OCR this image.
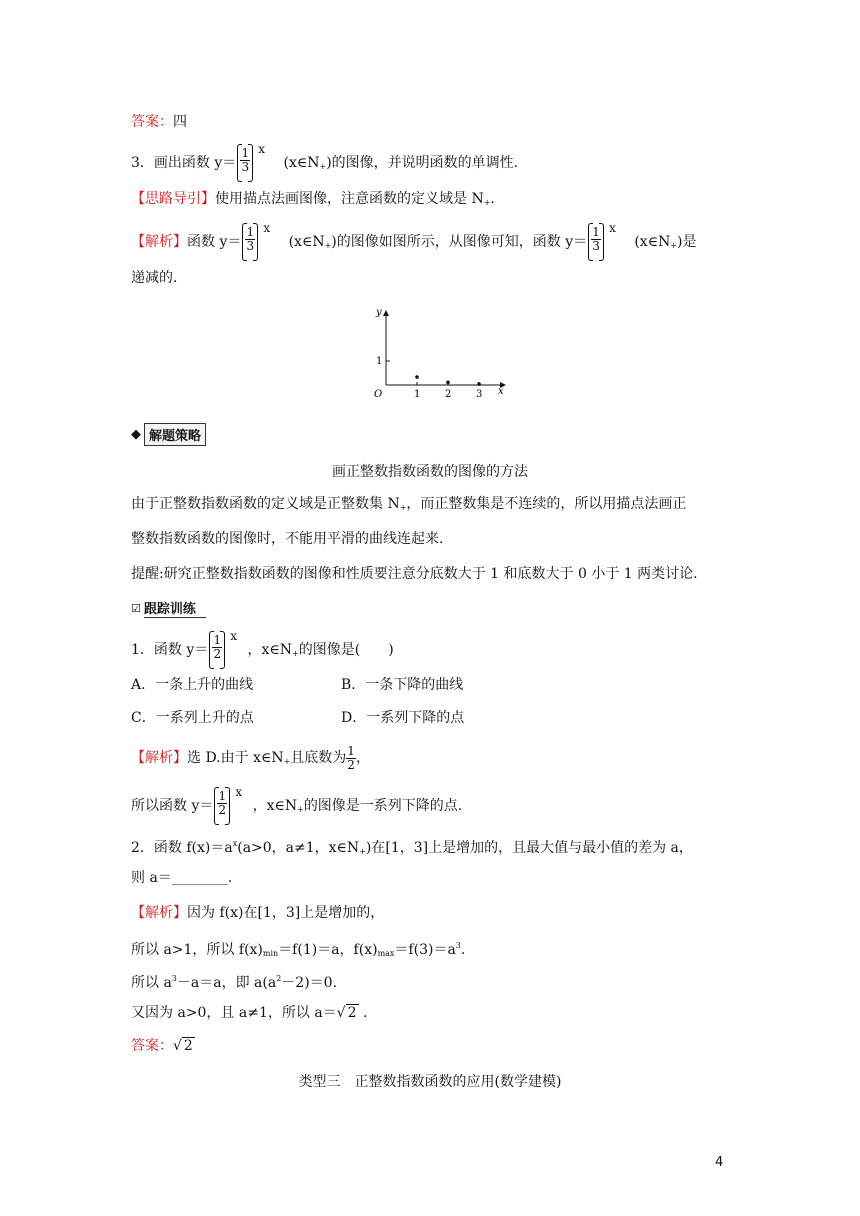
答案：四
3．画出函数 $y= \frac{1}{3}$ x $(x\in N_+)$的图像，并说明函数的单调性．
【思路导引】使用描点法画图像，注意函数的定义域是 $N_+$.
【解析】函数 $y= \frac{1}{3}$ x $(x\in N_+)$的图像如图所示，从图像可知，函数 $y= \frac{1}{3}$ x $(x\in N_+)$是
递减的.
y
x
O
1
1 2 3
◆ 解题策略
画正整数指数函数的图像的方法
由于正整数指数函数的定义域是正整数集 $N_+$，而正整数集是不连续的，所以用描点法画正
整数指数函数的图像时，不能用平滑的曲线连起来.
提醒:研究正整数指数函数的图像和性质要注意分底数大于 1 和底数大于 0 小于 1 两类讨论.
☑ 跟踪训练
1．函数 $y= \frac{1}{2}$ x ，$x\in N_+$的图像是(　　)
A．一条上升的曲线	B．一条下降的曲线
C．一系列上升的点	D．一系列下降的点
【解析】选 D.由于 $x\in N_+$且底数为 $\frac{1}{2}$ ，
所以函数 $y= \frac{1}{2}$ x ，$x\in N_+$的图像是一系列下降的点.
2．函数 $f(x)=a^x(a>0$，a≠1，$x\in N_+$)在[1，3]上是增加的，且最大值与最小值的差为 a，
则 a＝________.
【解析】因为 f(x)在[1，3]上是增加的，
所以 a>1，所以 $f(x)_{min}=f(1)=a$，$f(x)_{max}=f(3)=a^3$.
所以 $a^3-a=a$，即 $a(a^2-2)=0$.
又因为 a>0，且 a≠1，所以 a＝√ 2 .
答案：√ 2
类型三　正整数指数函数的应用(数学建模)
4
